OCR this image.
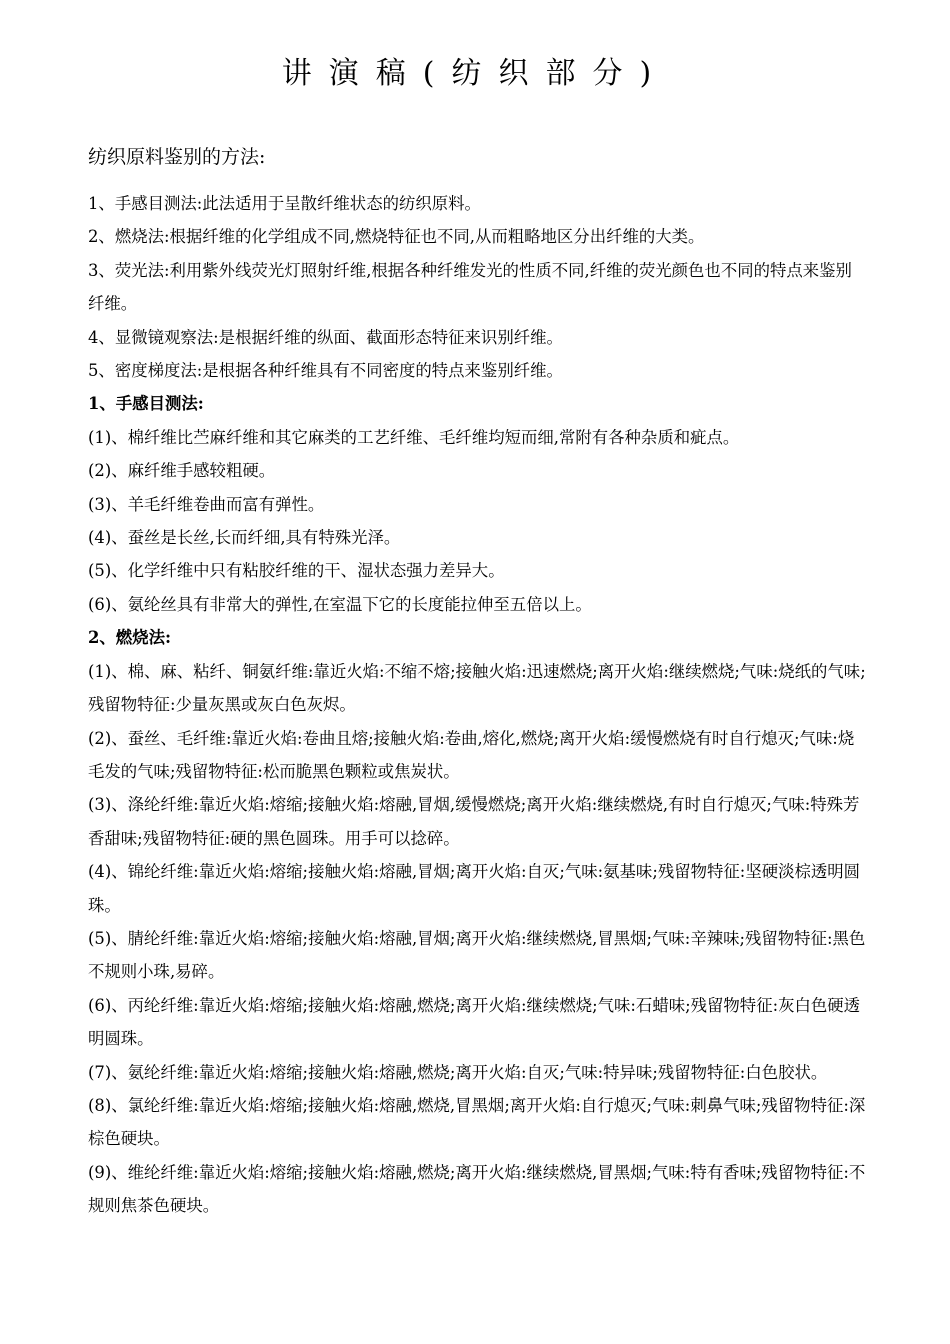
讲演稿(纺织部分)
纺织原料鉴别的方法:

1、手感目测法:此法适用于呈散纤维状态的纺织原料。

2、燃烧法:根据纤维的化学组成不同,燃烧特征也不同,从而粗略地区分出纤维的大类。

3、荧光法:利用紫外线荧光灯照射纤维,根据各种纤维发光的性质不同,纤维的荧光颜色也不同的特点来鉴别纤维。

4、显微镜观察法:是根据纤维的纵面、截面形态特征来识别纤维。

5、密度梯度法:是根据各种纤维具有不同密度的特点来鉴别纤维。

1、手感目测法:

(1)、棉纤维比苎麻纤维和其它麻类的工艺纤维、毛纤维均短而细,常附有各种杂质和疵点。

(2)、麻纤维手感较粗硬。

(3)、羊毛纤维卷曲而富有弹性。

(4)、蚕丝是长丝,长而纤细,具有特殊光泽。

(5)、化学纤维中只有粘胶纤维的干、湿状态强力差异大。

(6)、氨纶丝具有非常大的弹性,在室温下它的长度能拉伸至五倍以上。

2、燃烧法:

(1)、棉、麻、粘纤、铜氨纤维:靠近火焰:不缩不熔;接触火焰:迅速燃烧;离开火焰:继续燃烧;气味:烧纸的气味;残留物特征:少量灰黑或灰白色灰烬。

(2)、蚕丝、毛纤维:靠近火焰:卷曲且熔;接触火焰:卷曲,熔化,燃烧;离开火焰:缓慢燃烧有时自行熄灭;气味:烧毛发的气味;残留物特征:松而脆黑色颗粒或焦炭状。

(3)、涤纶纤维:靠近火焰:熔缩;接触火焰:熔融,冒烟,缓慢燃烧;离开火焰:继续燃烧,有时自行熄灭;气味:特殊芳香甜味;残留物特征:硬的黑色圆珠。用手可以捻碎。

(4)、锦纶纤维:靠近火焰:熔缩;接触火焰:熔融,冒烟;离开火焰:自灭;气味:氨基味;残留物特征:坚硬淡棕透明圆珠。

(5)、腈纶纤维:靠近火焰:熔缩;接触火焰:熔融,冒烟;离开火焰:继续燃烧,冒黑烟;气味:辛辣味;残留物特征:黑色不规则小珠,易碎。

(6)、丙纶纤维:靠近火焰:熔缩;接触火焰:熔融,燃烧;离开火焰:继续燃烧;气味:石蜡味;残留物特征:灰白色硬透明圆珠。

(7)、氨纶纤维:靠近火焰:熔缩;接触火焰:熔融,燃烧;离开火焰:自灭;气味:特异味;残留物特征:白色胶状。

(8)、氯纶纤维:靠近火焰:熔缩;接触火焰:熔融,燃烧,冒黑烟;离开火焰:自行熄灭;气味:刺鼻气味;残留物特征:深棕色硬块。

(9)、维纶纤维:靠近火焰:熔缩;接触火焰:熔融,燃烧;离开火焰:继续燃烧,冒黑烟;气味:特有香味;残留物特征:不规则焦茶色硬块。
